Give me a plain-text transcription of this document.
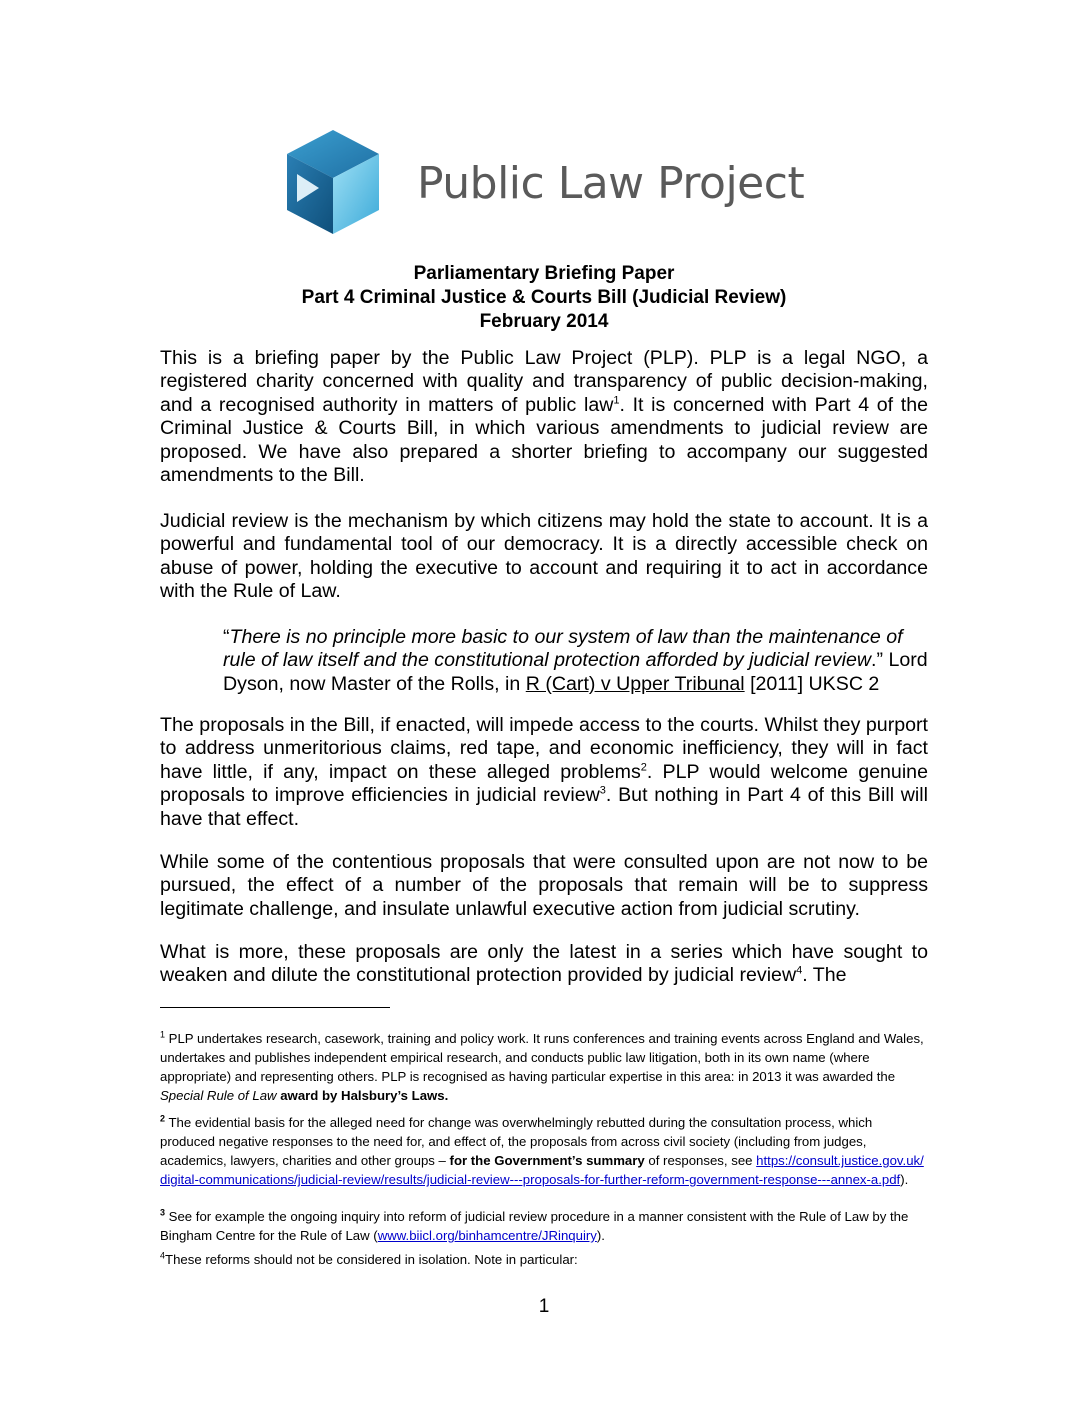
Public Law Project
Parliamentary Briefing Paper
Part 4 Criminal Justice & Courts Bill (Judicial Review)
February 2014
This is a briefing paper by the Public Law Project (PLP). PLP is a legal NGO, a registered charity concerned with quality and transparency of public decision-making, and a recognised authority in matters of public law$^1$. It is concerned with Part 4 of the Criminal Justice & Courts Bill, in which various amendments to judicial review are proposed. We have also prepared a shorter briefing to accompany our suggested amendments to the Bill.
Judicial review is the mechanism by which citizens may hold the state to account. It is a powerful and fundamental tool of our democracy. It is a directly accessible check on abuse of power, holding the executive to account and requiring it to act in accordance with the Rule of Law.
“There is no principle more basic to our system of law than the maintenance of rule of law itself and the constitutional protection afforded by judicial review.” Lord Dyson, now Master of the Rolls, in R (Cart) v Upper Tribunal [2011] UKSC 2
The proposals in the Bill, if enacted, will impede access to the courts. Whilst they purport to address unmeritorious claims, red tape, and economic inefficiency, they will in fact have little, if any, impact on these alleged problems$^2$. PLP would welcome genuine proposals to improve efficiencies in judicial review$^3$. But nothing in Part 4 of this Bill will have that effect.
While some of the contentious proposals that were consulted upon are not now to be pursued, the effect of a number of the proposals that remain will be to suppress legitimate challenge, and insulate unlawful executive action from judicial scrutiny.
What is more, these proposals are only the latest in a series which have sought to weaken and dilute the constitutional protection provided by judicial review$^4$. The
$^1$ PLP undertakes research, casework, training and policy work. It runs conferences and training events across England and Wales, undertakes and publishes independent empirical research, and conducts public law litigation, both in its own name (where appropriate) and representing others. PLP is recognised as having particular expertise in this area: in 2013 it was awarded the Special Rule of Law award by Halsbury’s Laws.
$^2$ The evidential basis for the alleged need for change was overwhelmingly rebutted during the consultation process, which produced negative responses to the need for, and effect of, the proposals from across civil society (including from judges, academics, lawyers, charities and other groups – for the Government’s summary of responses, see https://consult.justice.gov.uk/digital-communications/judicial-review/results/judicial-review---proposals-for-further-reform-government-response---annex-a.pdf).
$^3$ See for example the ongoing inquiry into reform of judicial review procedure in a manner consistent with the Rule of Law by the Bingham Centre for the Rule of Law (www.biicl.org/binhamcentre/JRinquiry).
$^4$These reforms should not be considered in isolation. Note in particular:
1
